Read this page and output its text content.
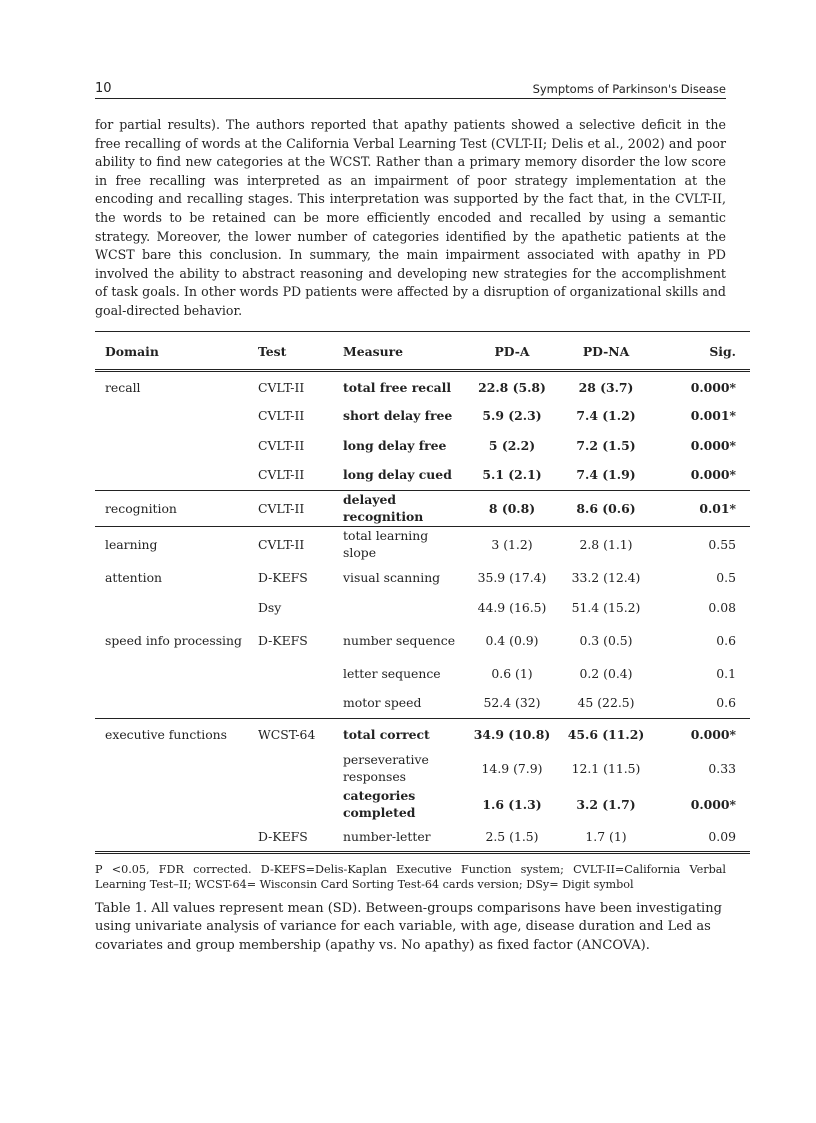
10	Symptoms of Parkinson's Disease

for partial results). The authors reported that apathy patients showed a selective deficit in the free recalling of words at the California Verbal Learning Test (CVLT-II; Delis et al., 2002) and poor ability to find new categories at the WCST. Rather than a primary memory disorder the low score in free recalling was interpreted as an impairment of poor strategy implementation at the encoding and recalling stages. This interpretation was supported by the fact that, in the CVLT-II, the words to be retained can be more efficiently encoded and recalled by using a semantic strategy. Moreover, the lower number of categories identified by the apathetic patients at the WCST bare this conclusion. In summary, the main impairment associated with apathy in PD involved the ability to abstract reasoning and developing new strategies for the accomplishment of task goals. In other words PD patients were affected by a disruption of organizational skills and goal-directed behavior.

Domain	Test	Measure	PD-A	PD-NA	Sig.
recall	CVLT-II	total free recall	22.8 (5.8)	28 (3.7)	0.000*
	CVLT-II	short delay free	5.9 (2.3)	7.4 (1.2)	0.001*
	CVLT-II	long delay free	5 (2.2)	7.2 (1.5)	0.000*
	CVLT-II	long delay cued	5.1 (2.1)	7.4 (1.9)	0.000*
recognition	CVLT-II	delayed recognition	8 (0.8)	8.6 (0.6)	0.01*
learning	CVLT-II	total learning slope	3 (1.2)	2.8 (1.1)	0.55
attention	D-KEFS	visual scanning	35.9 (17.4)	33.2 (12.4)	0.5
	Dsy		44.9 (16.5)	51.4 (15.2)	0.08
speed info processing	D-KEFS	number sequence	0.4 (0.9)	0.3 (0.5)	0.6
		letter sequence	0.6 (1)	0.2 (0.4)	0.1
		motor speed	52.4 (32)	45 (22.5)	0.6
executive functions	WCST-64	total correct	34.9 (10.8)	45.6 (11.2)	0.000*
		perseverative responses	14.9 (7.9)	12.1 (11.5)	0.33
		categories completed	1.6 (1.3)	3.2 (1.7)	0.000*
	D-KEFS	number-letter	2.5 (1.5)	1.7 (1)	0.09
P <0.05, FDR corrected. D-KEFS=Delis-Kaplan Executive Function system; CVLT-II=California Verbal Learning Test–II; WCST-64= Wisconsin Card Sorting Test-64 cards version; DSy= Digit symbol
Table 1. All values represent mean (SD). Between-groups comparisons have been investigating using univariate analysis of variance for each variable, with age, disease duration and Led as covariates and group membership (apathy vs. No apathy) as fixed factor (ANCOVA).
